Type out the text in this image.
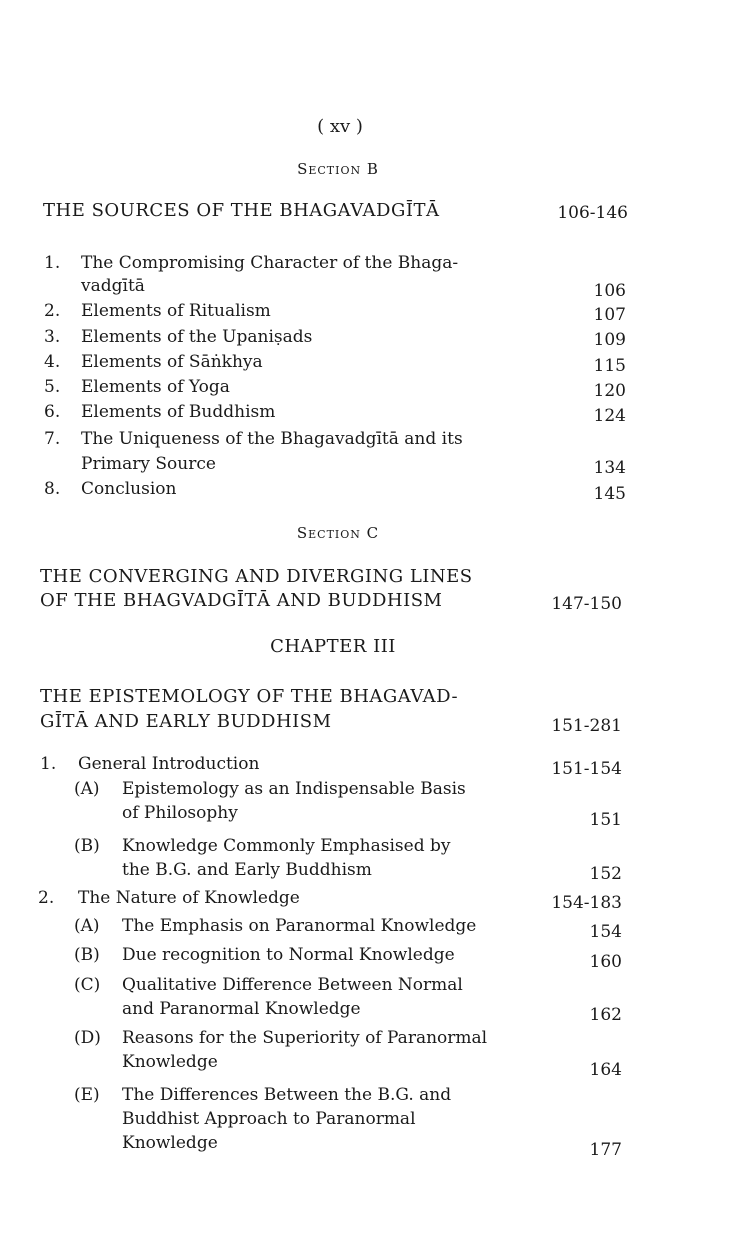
( xv )
Section B
THE SOURCES OF THE BHAGAVADGĪTĀ	106-146
1. The Compromising Character of the Bhaga-
vadgītā	106
2. Elements of Ritualism	107
3. Elements of the Upaniṣads	109
4. Elements of Sāṅkhya	115
5. Elements of Yoga	120
6. Elements of Buddhism	124
7. The Uniqueness of the Bhagavadgītā and its
Primary Source	134
8. Conclusion	145
Section C
THE CONVERGING AND DIVERGING LINES
OF THE BHAGVADGĪTĀ AND BUDDHISM	147-150
CHAPTER III
THE EPISTEMOLOGY OF THE BHAGAVAD-
GĪTĀ AND EARLY BUDDHISM	151-281
1. General Introduction	151-154
(A) Epistemology as an Indispensable Basis
of Philosophy	151
(B) Knowledge Commonly Emphasised by
the B.G. and Early Buddhism	152
2. The Nature of Knowledge	154-183
(A) The Emphasis on Paranormal Knowledge	154
(B) Due recognition to Normal Knowledge	160
(C) Qualitative Difference Between Normal
and Paranormal Knowledge	162
(D) Reasons for the Superiority of Paranormal
Knowledge	164
(E) The Differences Between the B.G. and
Buddhist Approach to Paranormal
Knowledge	177
